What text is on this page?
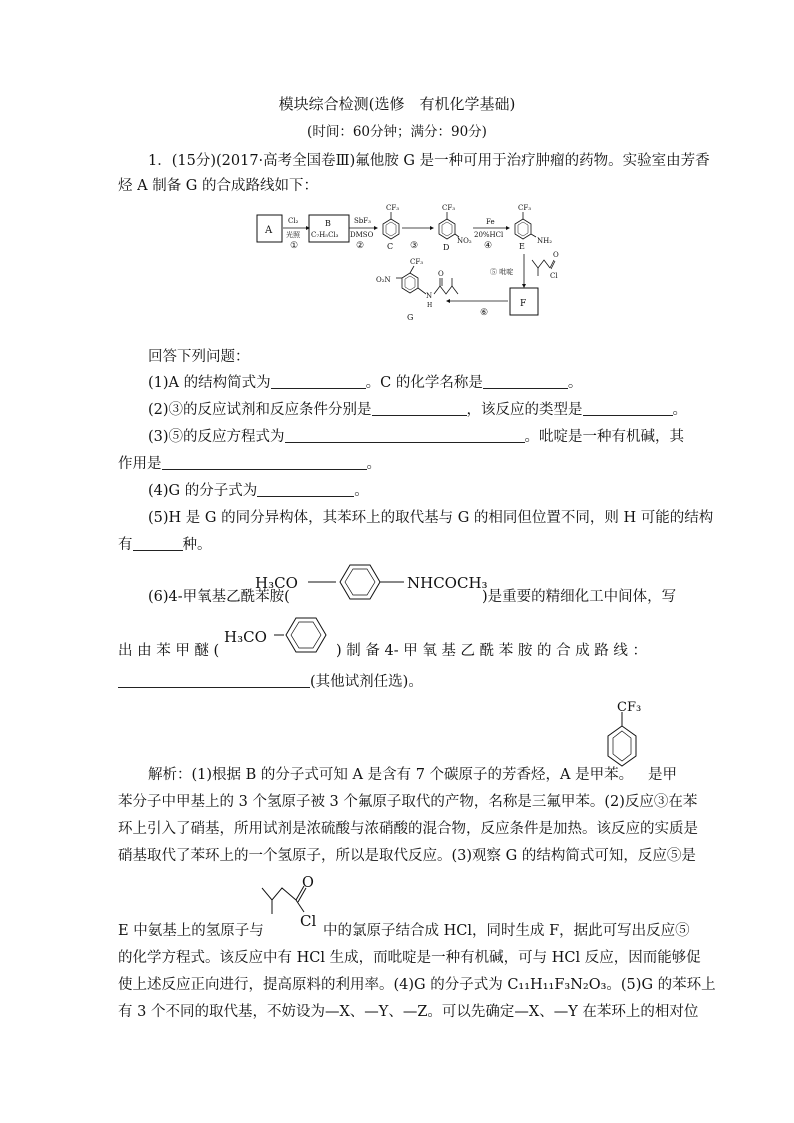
模块综合检测(选修　有机化学基础)
(时间：60分钟；满分：90分)
1．(15分)(2017·高考全国卷Ⅲ)氟他胺 G 是一种可用于治疗肿瘤的药物。实验室由芳香
烃 A 制备 G 的合成路线如下：
A
Cl₂
光照
①
B
C₇H₅Cl₃
SbF₃
DMSO
②
CF₃
C ③
CF₃
NO₂
D
Fe
20%HCl
④
CF₃
NH₂
E
⑤ 吡啶
O
Cl
F
⑥
CF₃
O₂N
N
H
O
G
回答下列问题：
(1)A 的结构简式为	。C 的化学名称是	。
(2)③的反应试剂和反应条件分别是	，该反应的类型是	。
(3)⑤的反应方程式为	。吡啶是一种有机碱，其
作用是	。
(4)G 的分子式为	。
(5)H 是 G 的同分异构体，其苯环上的取代基与 G 的相同但位置不同，则 H 可能的结构
有	种。
(6)4-甲氧基乙酰苯胺(
H₃CO	NHCOCH₃
)是重要的精细化工中间体，写
出 由 苯 甲 醚 (
H₃CO
) 制 备 4- 甲 氧 基 乙 酰 苯 胺 的 合 成 路 线 ：
(其他试剂任选)。
CF₃
解析：(1)根据 B 的分子式可知 A 是含有 7 个碳原子的芳香烃，A 是甲苯。 是甲
苯分子中甲基上的 3 个氢原子被 3 个氟原子取代的产物，名称是三氟甲苯。(2)反应③在苯
环上引入了硝基，所用试剂是浓硫酸与浓硝酸的混合物，反应条件是加热。该反应的实质是
硝基取代了苯环上的一个氢原子，所以是取代反应。(3)观察 G 的结构简式可知，反应⑤是
O
Cl
E 中氨基上的氢原子与	中的氯原子结合成 HCl，同时生成 F，据此可写出反应⑤
的化学方程式。该反应中有 HCl 生成，而吡啶是一种有机碱，可与 HCl 反应，因而能够促
使上述反应正向进行，提高原料的利用率。(4)G 的分子式为 C₁₁H₁₁F₃N₂O₃。(5)G 的苯环上
有 3 个不同的取代基，不妨设为—X、—Y、—Z。可以先确定—X、—Y 在苯环上的相对位
